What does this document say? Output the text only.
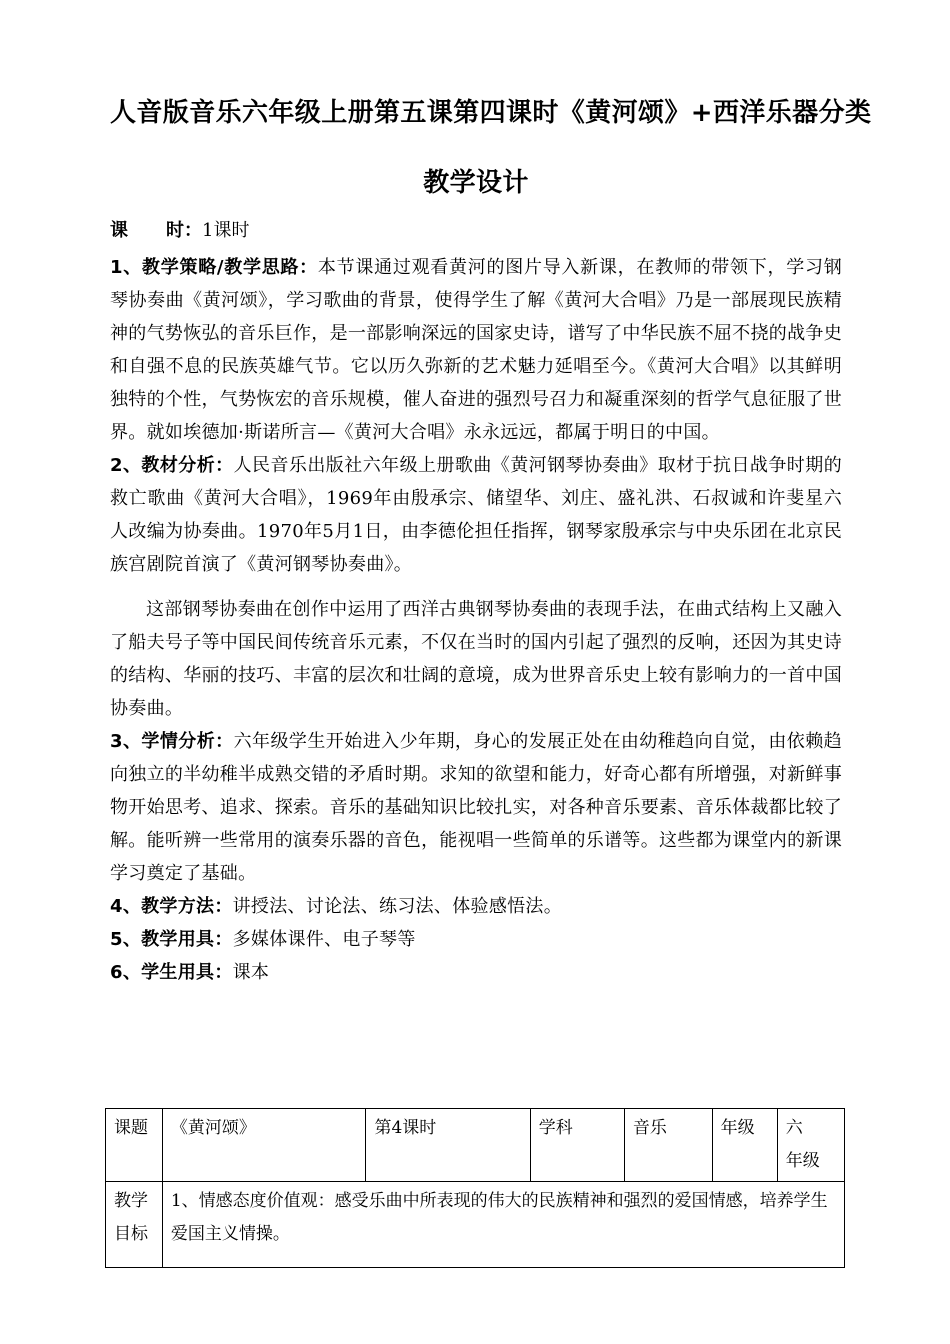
人音版音乐六年级上册第五课第四课时《黄河颂》+西洋乐器分类
教学设计
课 时：1课时

1、教学策略/教学思路：本节课通过观看黄河的图片导入新课，在教师的带领下，学习钢琴协奏曲《黄河颂》，学习歌曲的背景，使得学生了解《黄河大合唱》乃是一部展现民族精神的气势恢弘的音乐巨作，是一部影响深远的国家史诗，谱写了中华民族不屈不挠的战争史和自强不息的民族英雄气节。它以历久弥新的艺术魅力延唱至今。《黄河大合唱》以其鲜明独特的个性，气势恢宏的音乐规模，催人奋进的强烈号召力和凝重深刻的哲学气息征服了世界。就如埃德加·斯诺所言—《黄河大合唱》永永远远，都属于明日的中国。

2、教材分析：人民音乐出版社六年级上册歌曲《黄河钢琴协奏曲》取材于抗日战争时期的救亡歌曲《黄河大合唱》，1969年由殷承宗、储望华、刘庄、盛礼洪、石叔诚和许斐星六人改编为协奏曲。1970年5月1日，由李德伦担任指挥，钢琴家殷承宗与中央乐团在北京民族宫剧院首演了《黄河钢琴协奏曲》。

这部钢琴协奏曲在创作中运用了西洋古典钢琴协奏曲的表现手法，在曲式结构上又融入了船夫号子等中国民间传统音乐元素，不仅在当时的国内引起了强烈的反响，还因为其史诗的结构、华丽的技巧、丰富的层次和壮阔的意境，成为世界音乐史上较有影响力的一首中国协奏曲。

3、学情分析：六年级学生开始进入少年期，身心的发展正处在由幼稚趋向自觉，由依赖趋向独立的半幼稚半成熟交错的矛盾时期。求知的欲望和能力，好奇心都有所增强，对新鲜事物开始思考、追求、探索。音乐的基础知识比较扎实，对各种音乐要素、音乐体裁都比较了解。能听辨一些常用的演奏乐器的音色，能视唱一些简单的乐谱等。这些都为课堂内的新课学习奠定了基础。

4、教学方法：讲授法、讨论法、练习法、体验感悟法。

5、教学用具：多媒体课件、电子琴等

6、学生用具：课本

课题	《黄河颂》	第4课时	学科	音乐	年级	六　年级
教学目标	1、情感态度价值观：感受乐曲中所表现的伟大的民族精神和强烈的爱国情感，培养学生爱国主义情操。					
